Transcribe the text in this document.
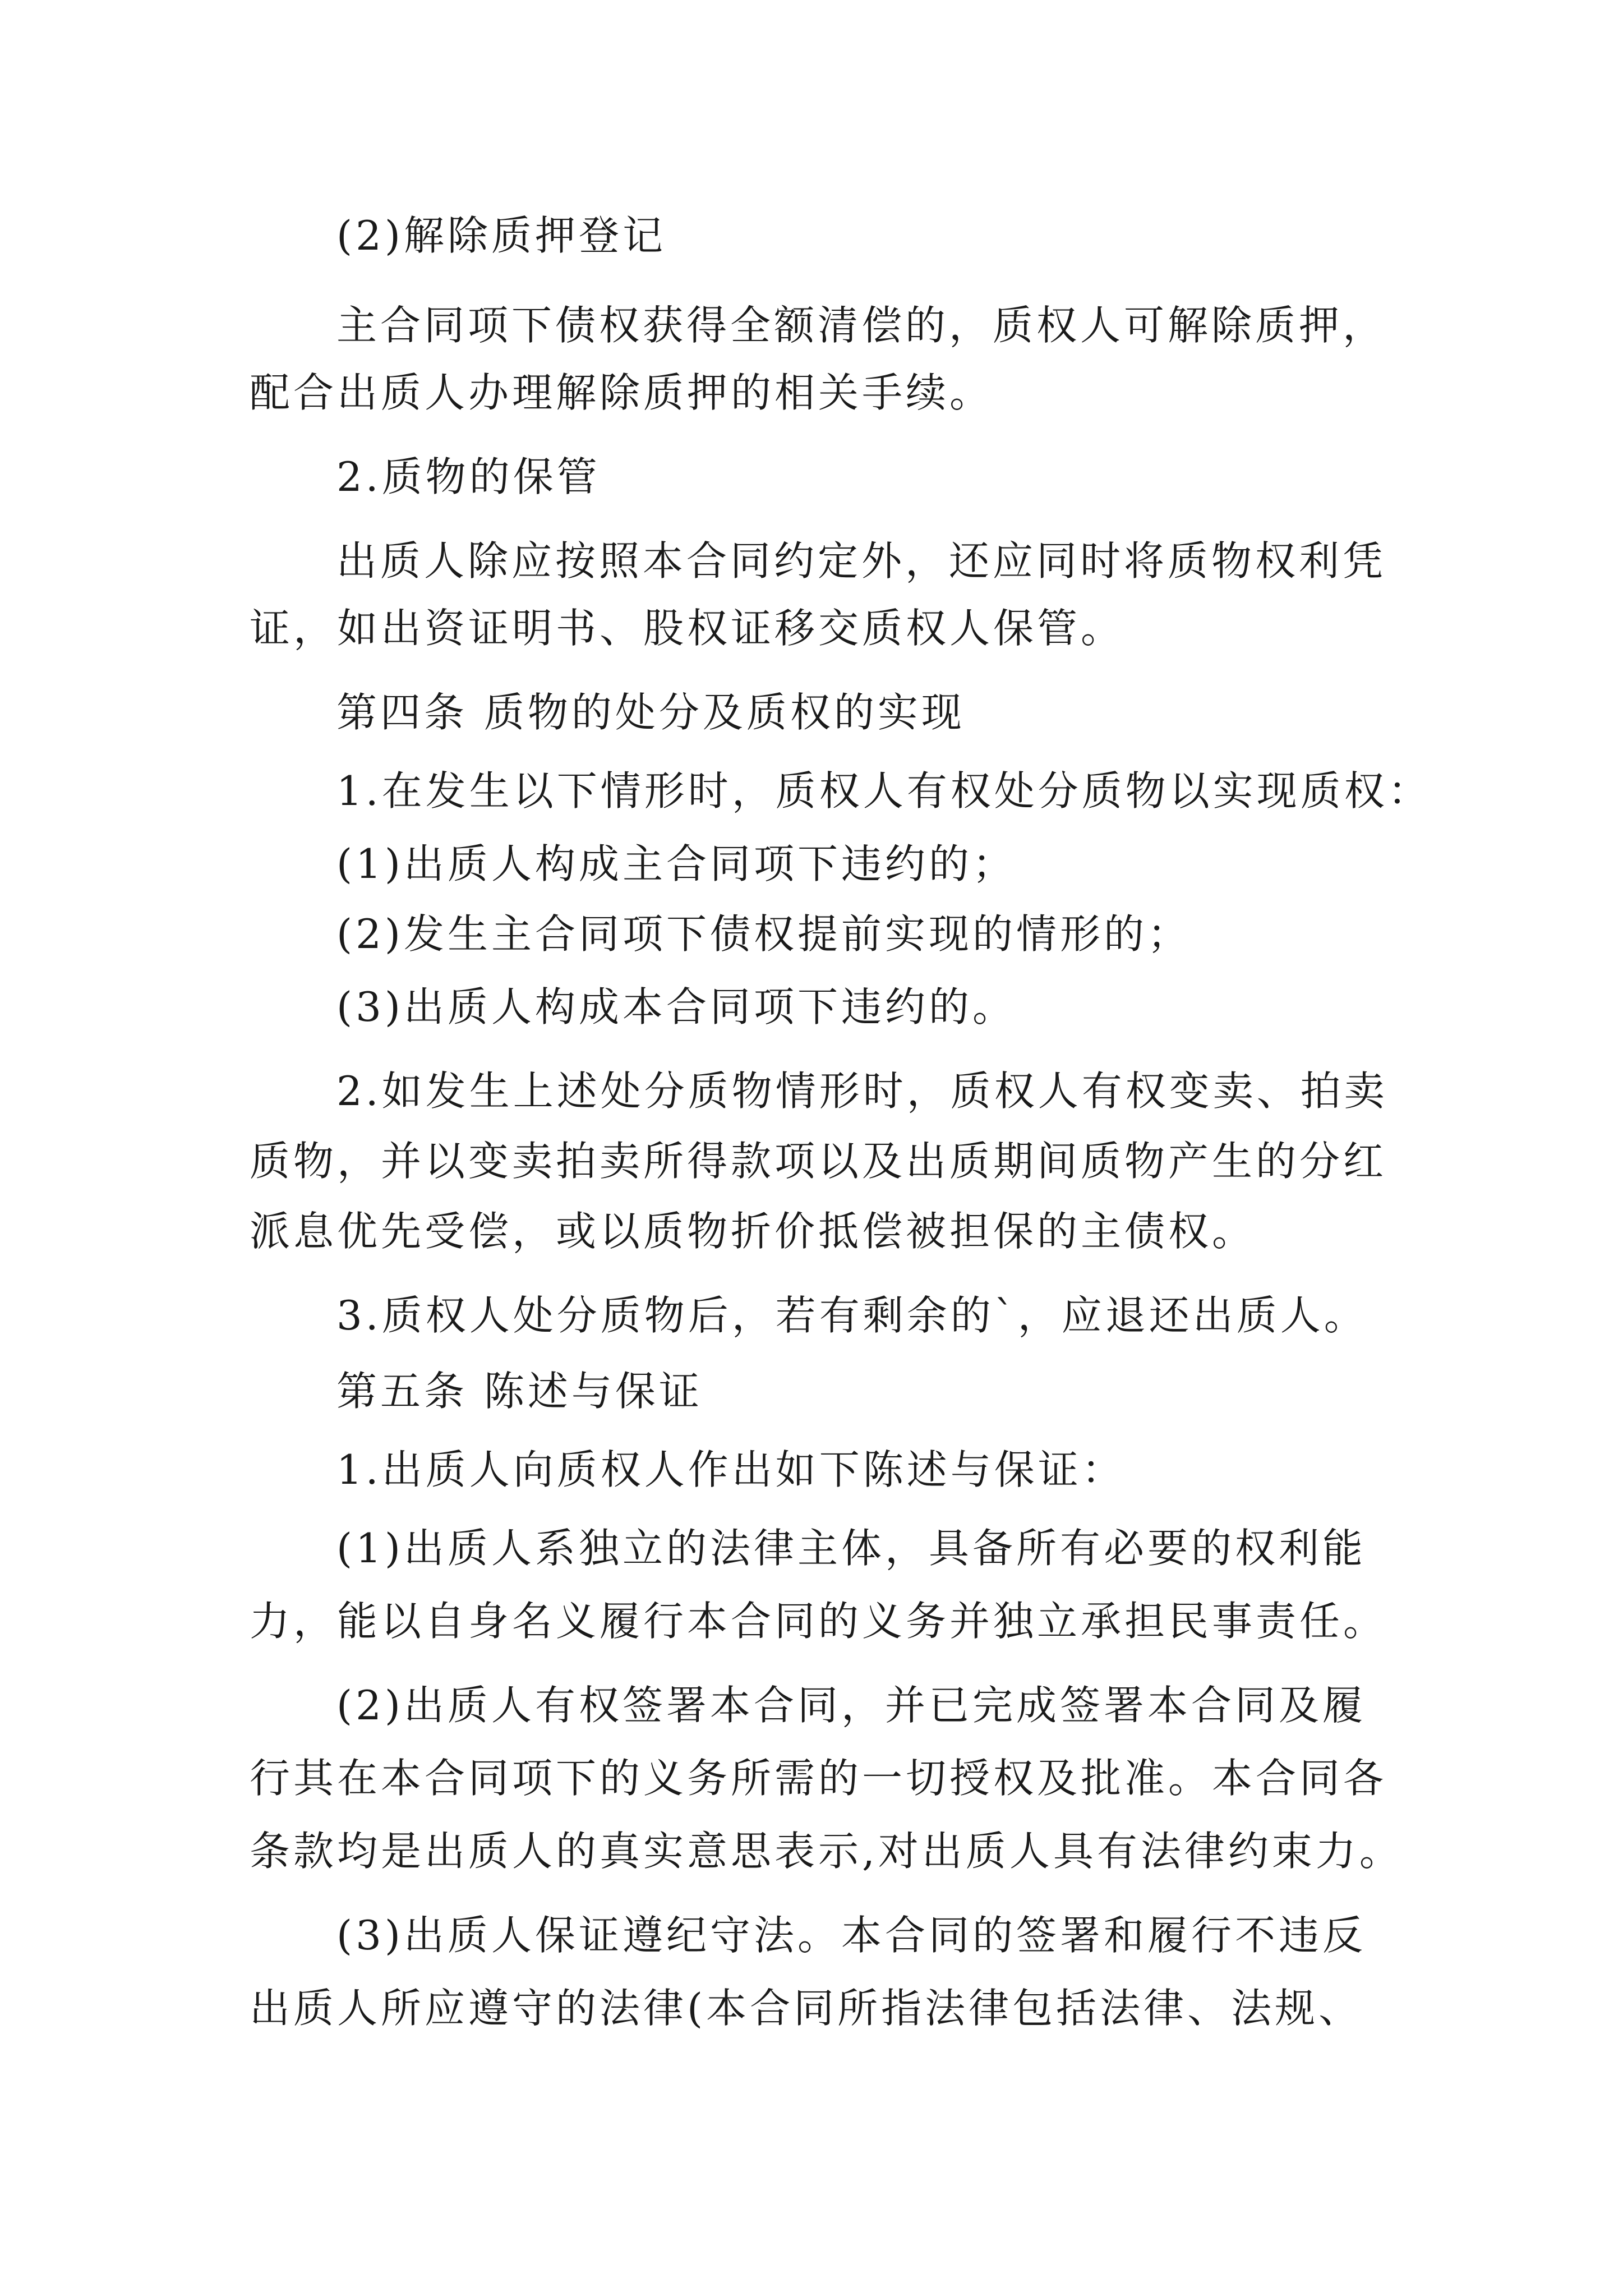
(2)解除质押登记
主合同项下债权获得全额清偿的，质权人可解除质押，
配合出质人办理解除质押的相关手续。
2.质物的保管
出质人除应按照本合同约定外，还应同时将质物权利凭
证，如出资证明书、股权证移交质权人保管。
第四条 质物的处分及质权的实现
1.在发生以下情形时，质权人有权处分质物以实现质权：
(1)出质人构成主合同项下违约的；
(2)发生主合同项下债权提前实现的情形的；
(3)出质人构成本合同项下违约的。
2.如发生上述处分质物情形时，质权人有权变卖、拍卖
质物，并以变卖拍卖所得款项以及出质期间质物产生的分红
派息优先受偿，或以质物折价抵偿被担保的主债权。
3.质权人处分质物后，若有剩余的`，应退还出质人。
第五条 陈述与保证
1.出质人向质权人作出如下陈述与保证：
(1)出质人系独立的法律主体，具备所有必要的权利能
力，能以自身名义履行本合同的义务并独立承担民事责任。
(2)出质人有权签署本合同，并已完成签署本合同及履
行其在本合同项下的义务所需的一切授权及批准。本合同各
条款均是出质人的真实意思表示,对出质人具有法律约束力。
(3)出质人保证遵纪守法。本合同的签署和履行不违反
出质人所应遵守的法律(本合同所指法律包括法律、法规、
